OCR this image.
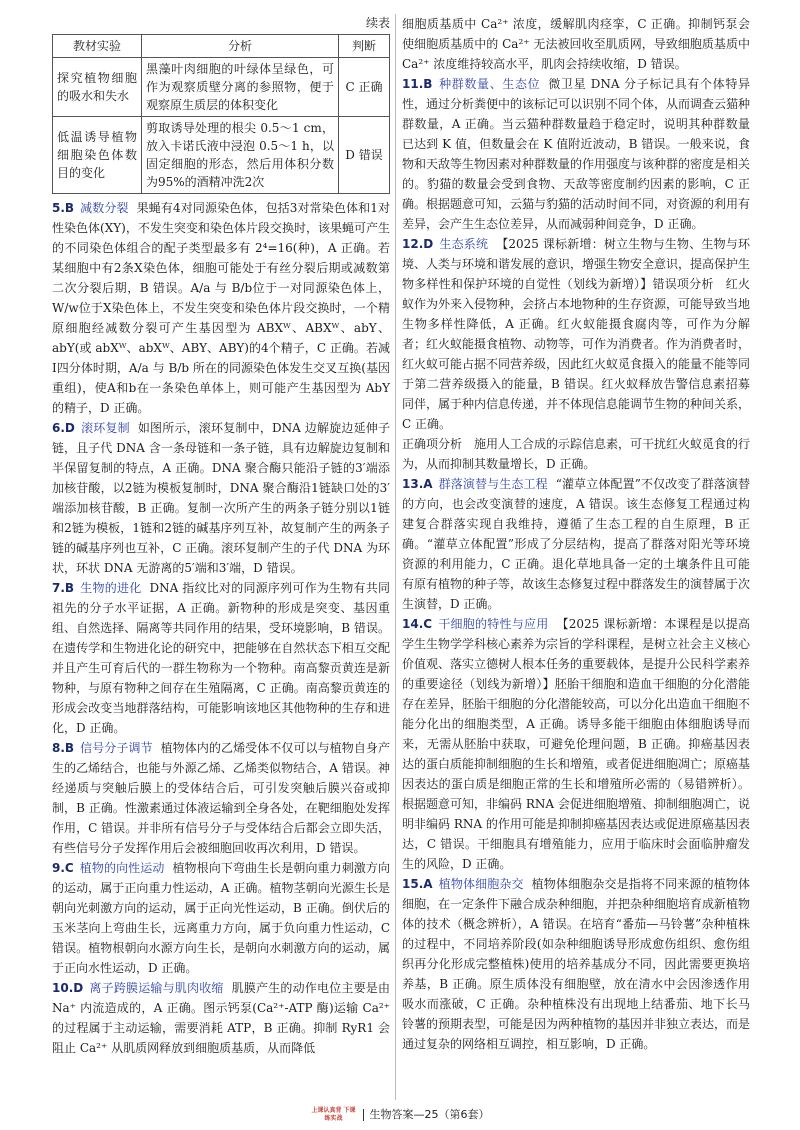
续表
教材实验	分析	判断
探究植物细胞的吸水和失水	黑藻叶肉细胞的叶绿体呈绿色，可作为观察质壁分离的参照物，便于观察原生质层的体积变化	C 正确
低温诱导植物细胞染色体数目的变化	剪取诱导处理的根尖 0.5～1 cm，放入卡诺氏液中浸泡 0.5～1 h，以固定细胞的形态，然后用体积分数为95%的酒精冲洗2次	D 错误
5.B 减数分裂 果蝇有4对同源染色体，包括3对常染色体和1对性染色体(XY)，不发生突变和染色体片段交换时，该果蝇可产生的不同染色体组合的配子类型最多有 2⁴=16(种)，A 正确。若某细胞中有2条X染色体，细胞可能处于有丝分裂后期或减数第二次分裂后期，B 错误。A/a 与 B/b位于一对同源染色体上，W/w位于X染色体上，不发生突变和染色体片段交换时，一个精原细胞经减数分裂可产生基因型为 ABXᵂ、ABXᵂ、abY、abY(或 abXᵂ、abXᵂ、ABY、ABY)的4个精子，C 正确。若减Ⅰ四分体时期，A/a 与 B/b 所在的同源染色体发生交叉互换(基因重组)，使A和b在一条染色单体上，则可能产生基因型为 AbY 的精子，D 正确。
6.D 滚环复制 如图所示，滚环复制中，DNA 边解旋边延伸子链，且子代 DNA 含一条母链和一条子链，具有边解旋边复制和半保留复制的特点，A 正确。DNA 聚合酶只能沿子链的3′端添加核苷酸，以2链为模板复制时，DNA 聚合酶沿1链缺口处的3′端添加核苷酸，B 正确。复制一次所产生的两条子链分别以1链和2链为模板，1链和2链的碱基序列互补，故复制产生的两条子链的碱基序列也互补，C 正确。滚环复制产生的子代 DNA 为环状，环状 DNA 无游离的5′端和3′端，D 错误。
7.B 生物的进化 DNA 指纹比对的同源序列可作为生物有共同祖先的分子水平证据，A 正确。新物种的形成是突变、基因重组、自然选择、隔离等共同作用的结果，受环境影响，B 错误。在遗传学和生物进化论的研究中，把能够在自然状态下相互交配并且产生可育后代的一群生物称为一个物种。南高黎贡黄连是新物种，与原有物种之间存在生殖隔离，C 正确。南高黎贡黄连的形成会改变当地群落结构，可能影响该地区其他物种的生存和进化，D 正确。
8.B 信号分子调节 植物体内的乙烯受体不仅可以与植物自身产生的乙烯结合，也能与外源乙烯、乙烯类似物结合，A 错误。神经递质与突触后膜上的受体结合后，可引发突触后膜兴奋或抑制，B 正确。性激素通过体液运输到全身各处，在靶细胞处发挥作用，C 错误。并非所有信号分子与受体结合后都会立即失活，有些信号分子发挥作用后会被细胞回收再次利用，D 错误。
9.C 植物的向性运动 植物根向下弯曲生长是朝向重力刺激方向的运动，属于正向重力性运动，A 正确。植物茎朝向光源生长是朝向光刺激方向的运动，属于正向光性运动，B 正确。倒伏后的玉米茎向上弯曲生长，远离重力方向，属于负向重力性运动，C 错误。植物根朝向水源方向生长，是朝向水刺激方向的运动，属于正向水性运动，D 正确。
10.D 离子跨膜运输与肌肉收缩 肌膜产生的动作电位主要是由 Na⁺ 内流造成的，A 正确。图示钙泵(Ca²⁺-ATP 酶)运输 Ca²⁺ 的过程属于主动运输，需要消耗 ATP，B 正确。抑制 RyR1 会阻止 Ca²⁺ 从肌质网释放到细胞质基质，从而降低
细胞质基质中 Ca²⁺ 浓度，缓解肌肉痉挛，C 正确。抑制钙泵会使细胞质基质中的 Ca²⁺ 无法被回收至肌质网，导致细胞质基质中 Ca²⁺ 浓度维持较高水平，肌肉会持续收缩，D 错误。
11.B 种群数量、生态位 微卫星 DNA 分子标记具有个体特异性，通过分析粪便中的该标记可以识别不同个体，从而调查云猫种群数量，A 正确。当云猫种群数量趋于稳定时，说明其种群数量已达到 K 值，但数量会在 K 值附近波动，B 错误。一般来说，食物和天敌等生物因素对种群数量的作用强度与该种群的密度是相关的。豹猫的数量会受到食物、天敌等密度制约因素的影响，C 正确。根据题意可知，云猫与豹猫的活动时间不同，对资源的利用有差异，会产生生态位差异，从而减弱种间竞争，D 正确。
12.D 生态系统 【2025 课标新增：树立生物与生物、生物与环境、人类与环境和谐发展的意识，增强生物安全意识，提高保护生物多样性和保护环境的自觉性（划线为新增）】错误项分析　红火蚁作为外来入侵物种，会挤占本地物种的生存资源，可能导致当地生物多样性降低，A 正确。红火蚁能摄食腐肉等，可作为分解者；红火蚁能摄食植物、动物等，可作为消费者。作为消费者时，红火蚁可能占据不同营养级，因此红火蚁觅食摄入的能量不能等同于第二营养级摄入的能量，B 错误。红火蚁释放告警信息素招募同伴，属于种内信息传递，并不体现信息能调节生物的种间关系，C 正确。
正确项分析　施用人工合成的示踪信息素，可干扰红火蚁觅食的行为，从而抑制其数量增长，D 正确。
13.A 群落演替与生态工程 “灌草立体配置”不仅改变了群落演替的方向，也会改变演替的速度，A 错误。该生态修复工程通过构建复合群落实现自我维持，遵循了生态工程的自生原理，B 正确。“灌草立体配置”形成了分层结构，提高了群落对阳光等环境资源的利用能力，C 正确。退化草地具备一定的土壤条件且可能有原有植物的种子等，故该生态修复过程中群落发生的演替属于次生演替，D 正确。
14.C 干细胞的特性与应用 【2025 课标新增：本课程是以提高学生生物学学科核心素养为宗旨的学科课程，是树立社会主义核心价值观、落实立德树人根本任务的重要载体，是提升公民科学素养的重要途径（划线为新增）】胚胎干细胞和造血干细胞的分化潜能存在差异，胚胎干细胞的分化潜能较高，可以分化出造血干细胞不能分化出的细胞类型，A 正确。诱导多能干细胞由体细胞诱导而来，无需从胚胎中获取，可避免伦理问题，B 正确。抑癌基因表达的蛋白质能抑制细胞的生长和增殖，或者促进细胞凋亡；原癌基因表达的蛋白质是细胞正常的生长和增殖所必需的（易错辨析）。根据题意可知，非编码 RNA 会促进细胞增殖、抑制细胞凋亡，说明非编码 RNA 的作用可能是抑制抑癌基因表达或促进原癌基因表达，C 错误。干细胞具有增殖能力，应用于临床时会面临肿瘤发生的风险，D 正确。
15.A 植物体细胞杂交 植物体细胞杂交是指将不同来源的植物体细胞，在一定条件下融合成杂种细胞，并把杂种细胞培育成新植物体的技术（概念辨析），A 错误。在培育“番茄—马铃薯”杂种植株的过程中，不同培养阶段(如杂种细胞诱导形成愈伤组织、愈伤组织再分化形成完整植株)使用的培养基成分不同，因此需要更换培养基，B 正确。原生质体没有细胞壁，放在清水中会因渗透作用吸水而涨破，C 正确。杂种植株没有出现地上结番茄、地下长马铃薯的预期表型，可能是因为两种植物的基因并非独立表达，而是通过复杂的网络相互调控，相互影响，D 正确。
上课认真背 下课练实战 生物答案—25（第6套）
